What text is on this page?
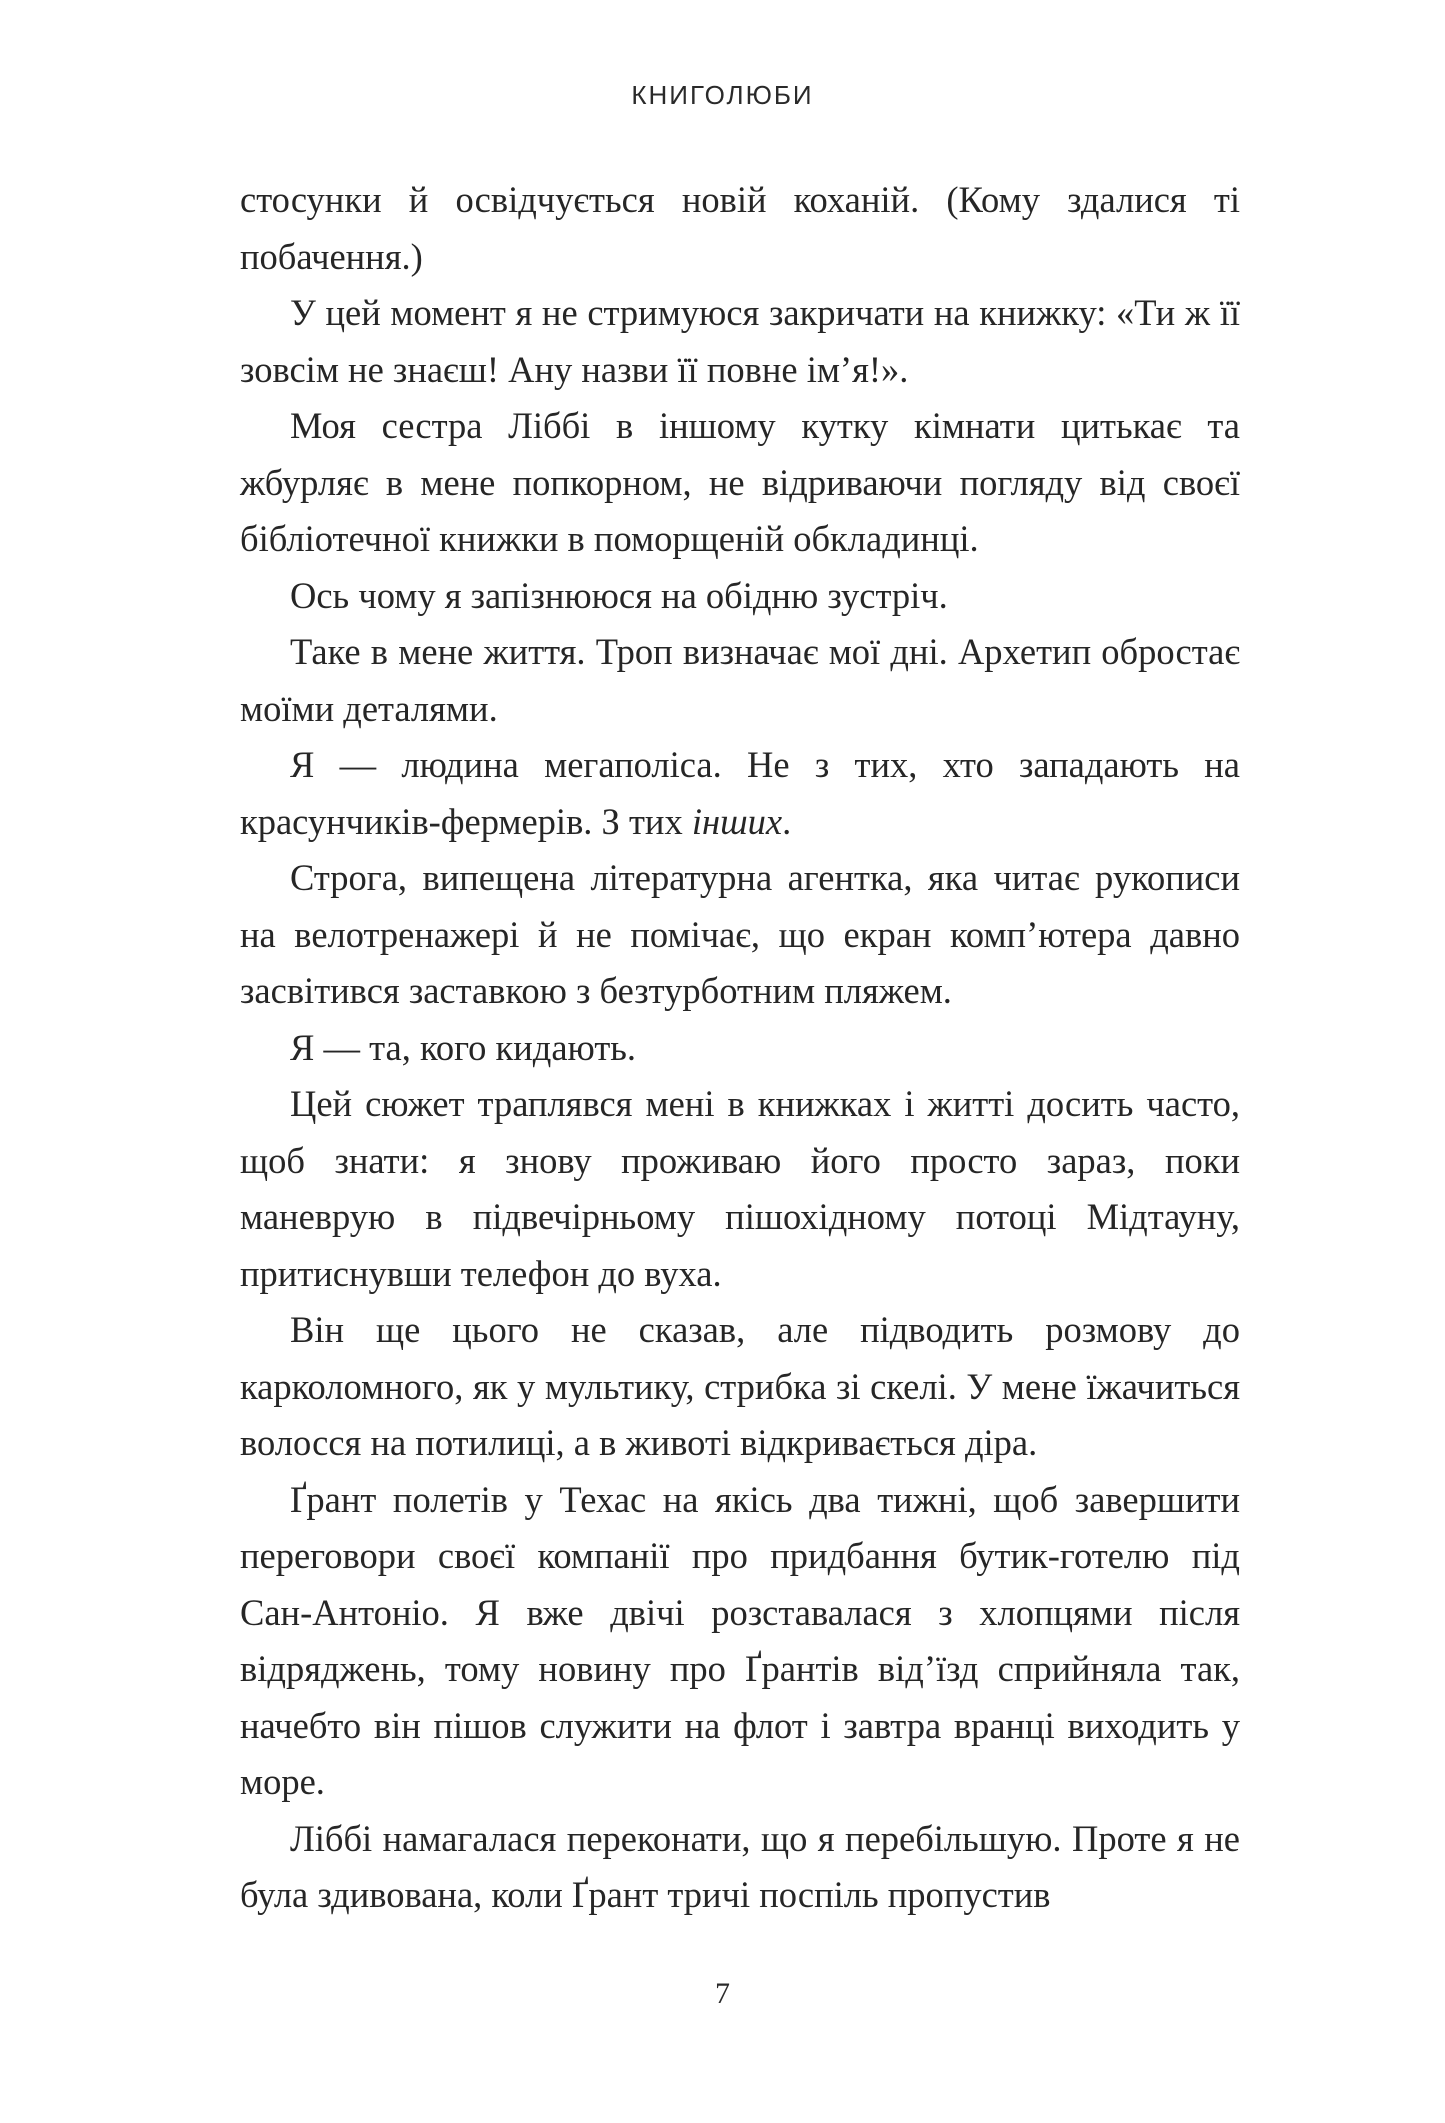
КНИГОЛЮБИ

стосунки й освідчується новій коханій. (Кому здалися ті побачення.)

У цей момент я не стримуюся закричати на книжку: «Ти ж її зовсім не знаєш! Ану назви її повне ім’я!».

Моя сестра Ліббі в іншому кутку кімнати цитькає та жбурляє в мене попкорном, не відриваючи погляду від своєї бібліотечної книжки в поморщеній обкладинці.

Ось чому я запізнююся на обідню зустріч.

Таке в мене життя. Троп визначає мої дні. Архетип обростає моїми деталями.

Я — людина мегаполіса. Не з тих, хто западають на красунчиків-фермерів. З тих інших.

Строга, випещена літературна агентка, яка читає рукописи на велотренажері й не помічає, що екран комп’ютера давно засвітився заставкою з безтурботним пляжем.

Я — та, кого кидають.

Цей сюжет траплявся мені в книжках і житті досить часто, щоб знати: я знову проживаю його просто зараз, поки маневрую в підвечірньому пішохідному потоці Мідтауну, притиснувши телефон до вуха.

Він ще цього не сказав, але підводить розмову до карколомного, як у мультику, стрибка зі скелі. У мене їжачиться волосся на потилиці, а в животі відкривається діра.

Ґрант полетів у Техас на якісь два тижні, щоб завершити переговори своєї компанії про придбання бутик-готелю під Сан-Антоніо. Я вже двічі розставалася з хлопцями після відряджень, тому новину про Ґрантів від’їзд сприйняла так, начебто він пішов служити на флот і завтра вранці виходить у море.

Ліббі намагалася переконати, що я перебільшую. Проте я не була здивована, коли Ґрант тричі поспіль пропустив

7
